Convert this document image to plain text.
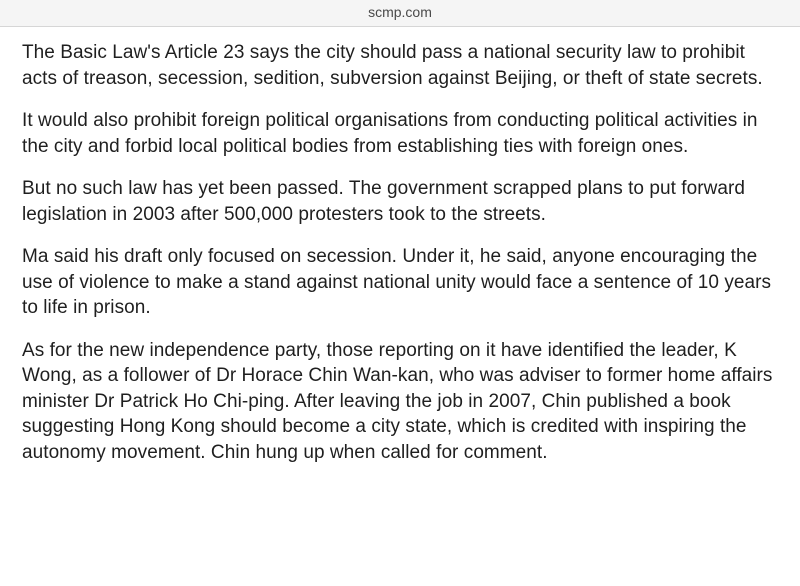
scmp.com

The Basic Law's Article 23 says the city should pass a national security law to prohibit acts of treason, secession, sedition, subversion against Beijing, or theft of state secrets.

It would also prohibit foreign political organisations from conducting political activities in the city and forbid local political bodies from establishing ties with foreign ones.

But no such law has yet been passed. The government scrapped plans to put forward legislation in 2003 after 500,000 protesters took to the streets.

Ma said his draft only focused on secession. Under it, he said, anyone encouraging the use of violence to make a stand against national unity would face a sentence of 10 years to life in prison.

As for the new independence party, those reporting on it have identified the leader, K Wong, as a follower of Dr Horace Chin Wan-kan, who was adviser to former home affairs minister Dr Patrick Ho Chi-ping. After leaving the job in 2007, Chin published a book suggesting Hong Kong should become a city state, which is credited with inspiring the autonomy movement. Chin hung up when called for comment.
